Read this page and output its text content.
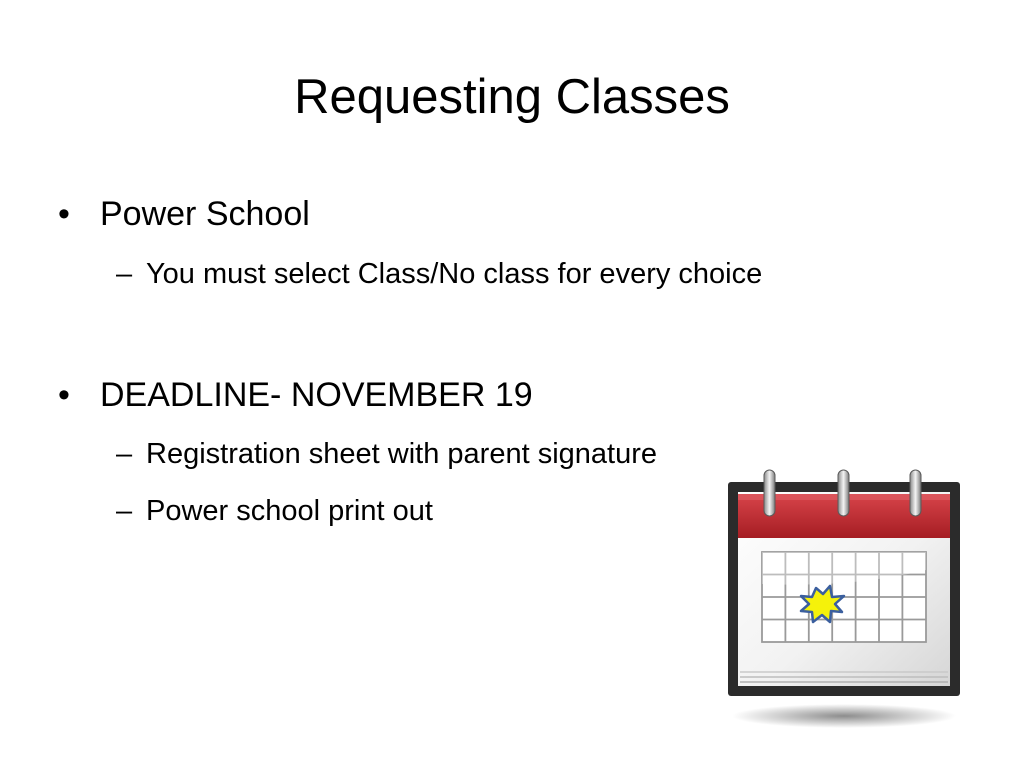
Requesting Classes
• Power School
– You must select Class/No class for every choice
• DEADLINE- NOVEMBER 19
– Registration sheet with parent signature
– Power school print out
